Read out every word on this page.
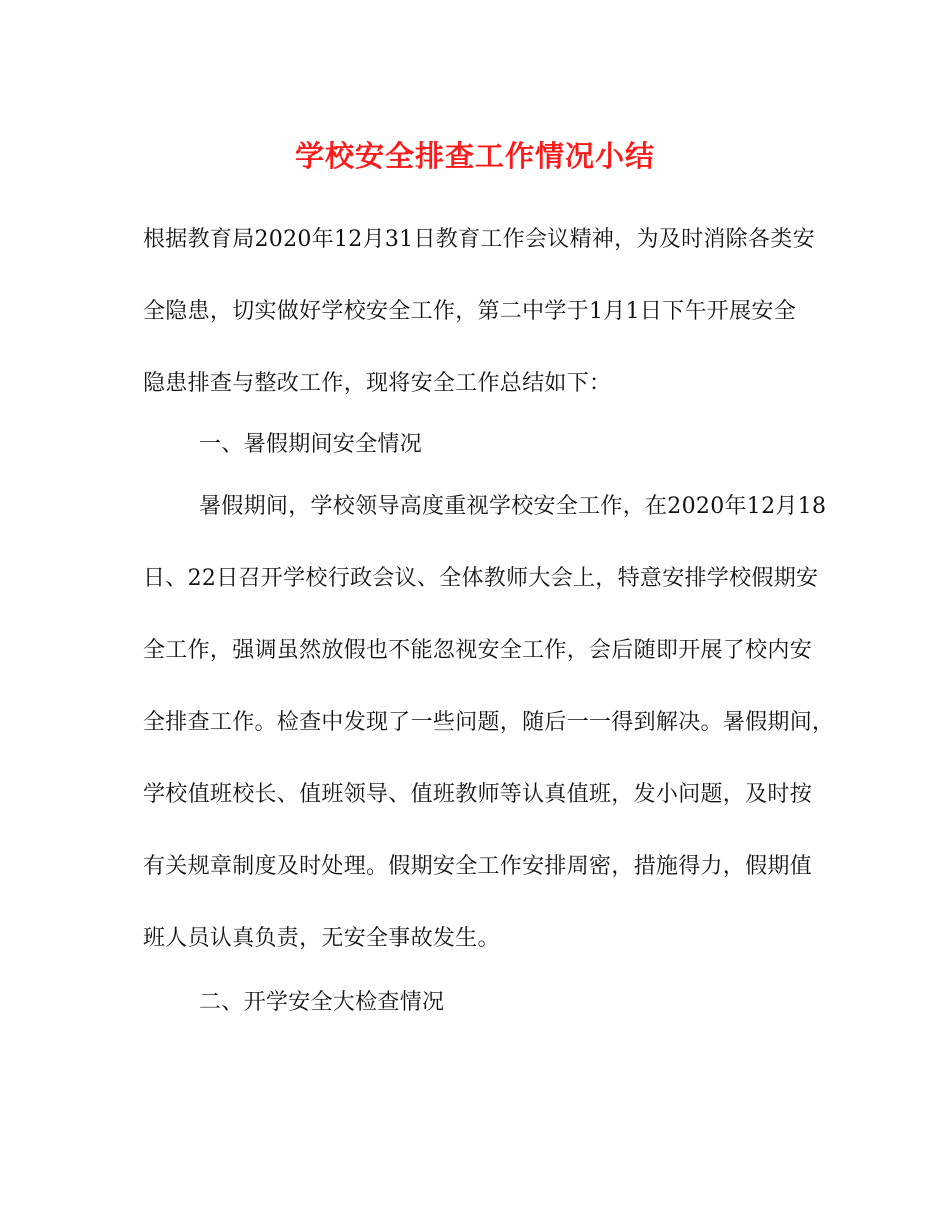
学校安全排查工作情况小结
根据教育局2020年12月31日教育工作会议精神，为及时消除各类安
全隐患，切实做好学校安全工作，第二中学于1月1日下午开展安全
隐患排查与整改工作，现将安全工作总结如下：
一、暑假期间安全情况
暑假期间，学校领导高度重视学校安全工作，在2020年12月18
日、22日召开学校行政会议、全体教师大会上，特意安排学校假期安
全工作，强调虽然放假也不能忽视安全工作，会后随即开展了校内安
全排查工作。检查中发现了一些问题，随后一一得到解决。暑假期间，
学校值班校长、值班领导、值班教师等认真值班，发小问题，及时按
有关规章制度及时处理。假期安全工作安排周密，措施得力，假期值
班人员认真负责，无安全事故发生。
二、开学安全大检查情况
